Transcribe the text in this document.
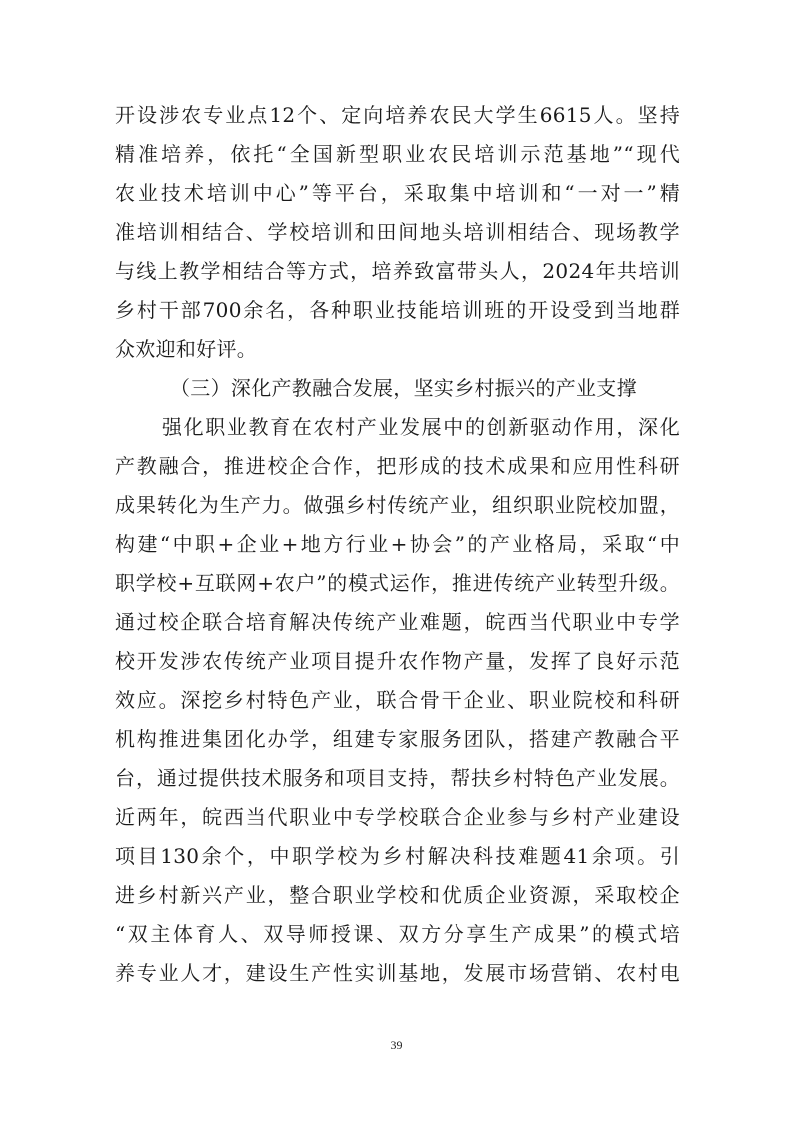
开设涉农专业点12个、定向培养农民大学生6615人。坚持
精准培养，依托“全国新型职业农民培训示范基地”“现代
农业技术培训中心”等平台，采取集中培训和“一对一”精
准培训相结合、学校培训和田间地头培训相结合、现场教学
与线上教学相结合等方式，培养致富带头人，2024年共培训
乡村干部700余名，各种职业技能培训班的开设受到当地群
众欢迎和好评。
（三）深化产教融合发展，坚实乡村振兴的产业支撑
强化职业教育在农村产业发展中的创新驱动作用，深化
产教融合，推进校企合作，把形成的技术成果和应用性科研
成果转化为生产力。做强乡村传统产业，组织职业院校加盟，
构建“中职+企业+地方行业+协会”的产业格局，采取“中
职学校+互联网+农户”的模式运作，推进传统产业转型升级。
通过校企联合培育解决传统产业难题，皖西当代职业中专学
校开发涉农传统产业项目提升农作物产量，发挥了良好示范
效应。深挖乡村特色产业，联合骨干企业、职业院校和科研
机构推进集团化办学，组建专家服务团队，搭建产教融合平
台，通过提供技术服务和项目支持，帮扶乡村特色产业发展。
近两年，皖西当代职业中专学校联合企业参与乡村产业建设
项目130余个，中职学校为乡村解决科技难题41余项。引
进乡村新兴产业，整合职业学校和优质企业资源，采取校企
“双主体育人、双导师授课、双方分享生产成果”的模式培
养专业人才，建设生产性实训基地，发展市场营销、农村电
39
